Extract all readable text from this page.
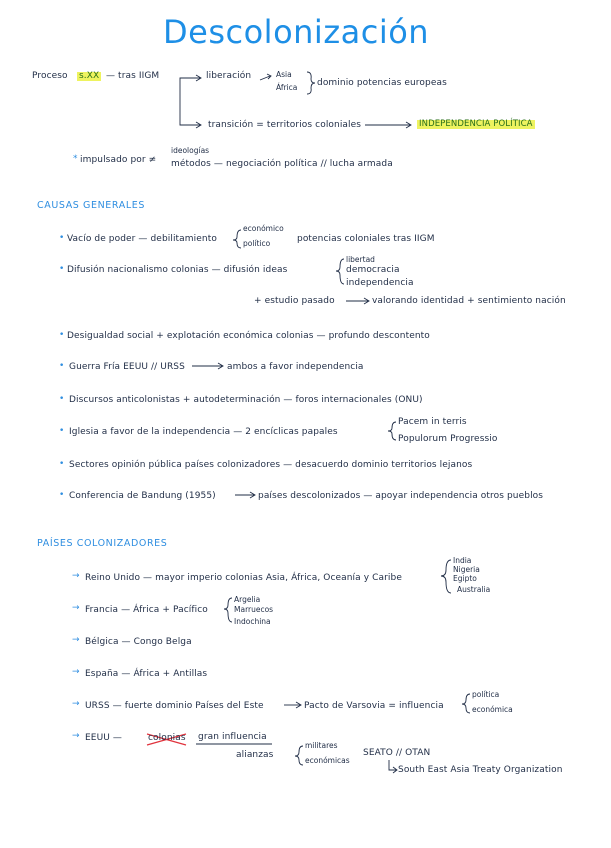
Descolonización
Proceso s.XX — tras IIGM	liberación	Asia
África dominio potencias europeas
transición = territorios coloniales	INDEPENDENCIA POLÍTICA
* impulsado por ≠
ideologías
métodos — negociación política // lucha armada
CAUSAS GENERALES
• Vacío de poder — debilitamiento
económico
político	potencias coloniales tras IIGM
• Difusión nacionalismo colonias — difusión ideas
libertad
democracia
independencia
+ estudio pasado	valorando identidad + sentimiento nación
• Desigualdad social + explotación económica colonias — profundo descontento
• Guerra Fría EEUU // URSS	ambos a favor independencia
• Discursos anticolonistas + autodeterminación — foros internacionales (ONU)
• Iglesia a favor de la independencia — 2 encíclicas papales
Pacem in terris
Populorum Progressio
• Sectores opinión pública países colonizadores — desacuerdo dominio territorios lejanos
• Conferencia de Bandung (1955)	países descolonizados — apoyar independencia otros pueblos
PAÍSES COLONIZADORES
→ Reino Unido — mayor imperio colonias Asia, África, Oceanía y Caribe
India
Nigeria
Egipto
Australia
→ Francia — África + Pacífico
Argelia
Marruecos
Indochina
→ Bélgica — Congo Belga
→ España — África + Antillas
→ URSS — fuerte dominio Países del Este	Pacto de Varsovia = influencia
política
económica
→ EEUU —	colonias gran influencia
alianzas
militares
económicas
SEATO // OTAN
South East Asia Treaty Organization
